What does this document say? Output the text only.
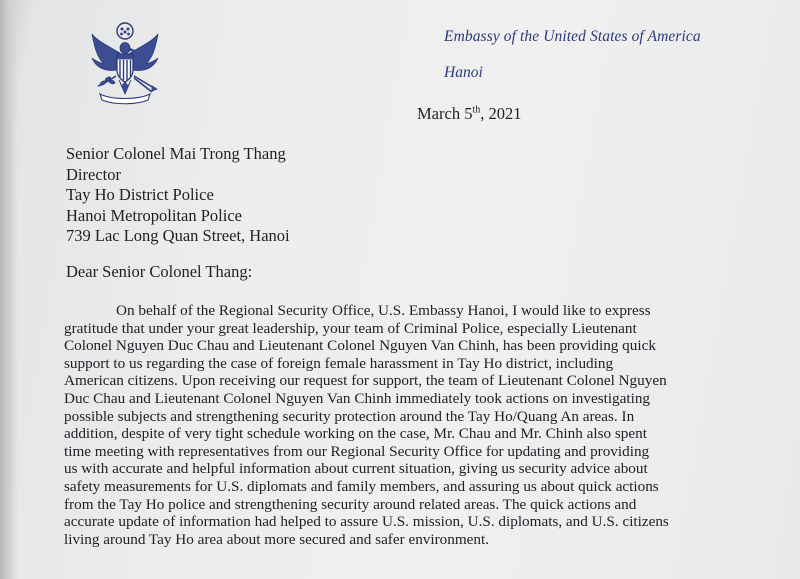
Embassy of the United States of America
Hanoi
March 5th, 2021
Senior Colonel Mai Trong Thang
Director
Tay Ho District Police
Hanoi Metropolitan Police
739 Lac Long Quan Street, Hanoi
Dear Senior Colonel Thang:
On behalf of the Regional Security Office, U.S. Embassy Hanoi, I would like to express
gratitude that under your great leadership, your team of Criminal Police, especially Lieutenant
Colonel Nguyen Duc Chau and Lieutenant Colonel Nguyen Van Chinh, has been providing quick
support to us regarding the case of foreign female harassment in Tay Ho district, including
American citizens. Upon receiving our request for support, the team of Lieutenant Colonel Nguyen
Duc Chau and Lieutenant Colonel Nguyen Van Chinh immediately took actions on investigating
possible subjects and strengthening security protection around the Tay Ho/Quang An areas. In
addition, despite of very tight schedule working on the case, Mr. Chau and Mr. Chinh also spent
time meeting with representatives from our Regional Security Office for updating and providing
us with accurate and helpful information about current situation, giving us security advice about
safety measurements for U.S. diplomats and family members, and assuring us about quick actions
from the Tay Ho police and strengthening security around related areas. The quick actions and
accurate update of information had helped to assure U.S. mission, U.S. diplomats, and U.S. citizens
living around Tay Ho area about more secured and safer environment.
